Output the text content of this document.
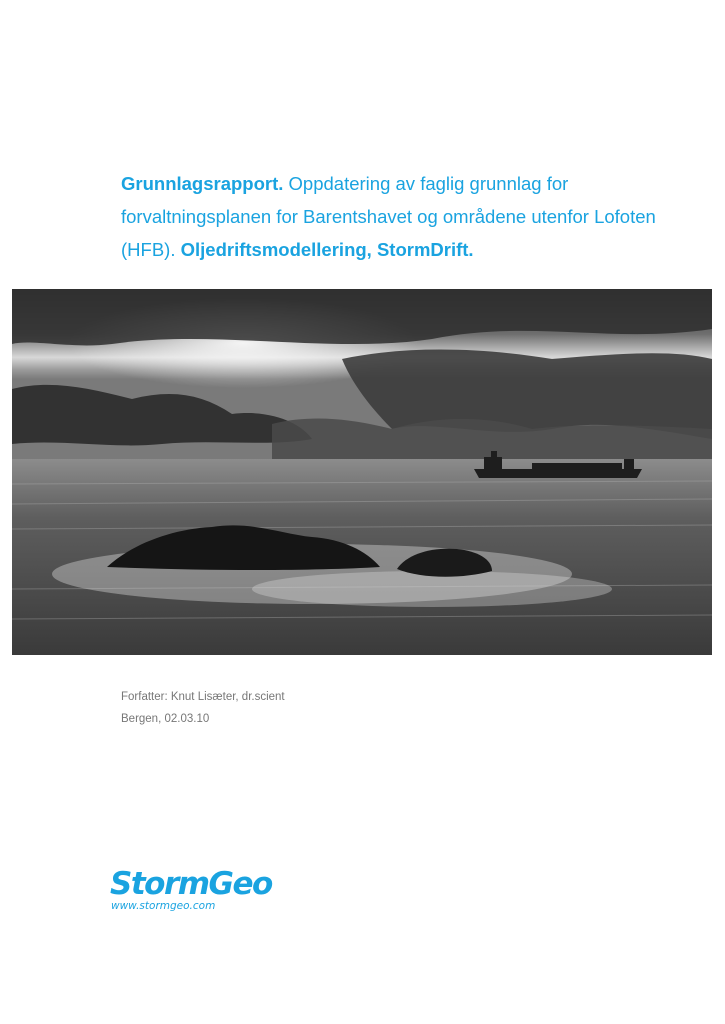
Grunnlagsrapport. Oppdatering av faglig grunnlag for forvaltningsplanen for Barentshavet og områdene utenfor Lofoten (HFB). Oljedriftsmodellering, StormDrift.
Forfatter: Knut Lisæter, dr.scient
Bergen, 02.03.10
StormGeo
www.stormgeo.com
